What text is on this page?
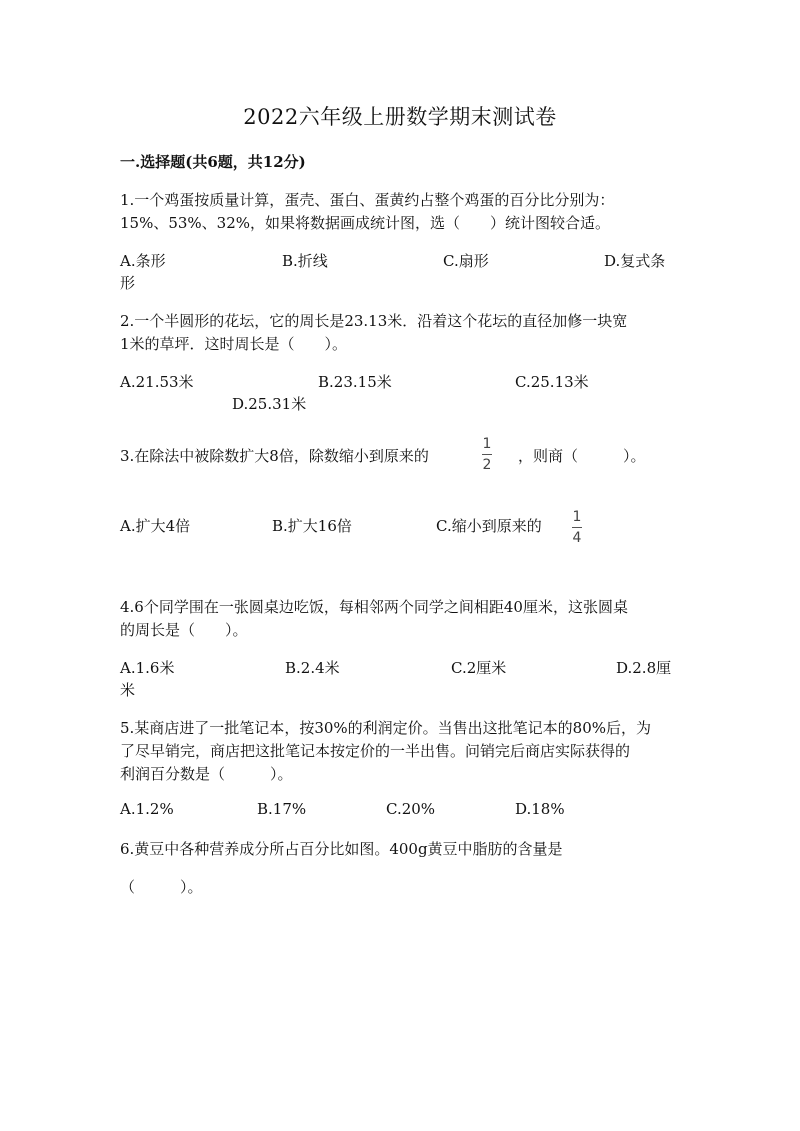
2022六年级上册数学期末测试卷
一.选择题(共6题，共12分)
1.一个鸡蛋按质量计算，蛋壳、蛋白、蛋黄约占整个鸡蛋的百分比分别为：
15%、53%、32%，如果将数据画成统计图，选（　　）统计图较合适。
A.条形	B.折线	C.扇形	D.复式条
形
2.一个半圆形的花坛，它的周长是23.13米．沿着这个花坛的直径加修一块宽
1米的草坪．这时周长是（　　）。
A.21.53米	B.23.15米	C.25.13米
D.25.31米
3.在除法中被除数扩大8倍，除数缩小到原来的
1
2 ，则商（　　　）。
A.扩大4倍	B.扩大16倍	C.缩小到原来的 1
4
4.6个同学围在一张圆桌边吃饭，每相邻两个同学之间相距40厘米，这张圆桌
的周长是（　　）。
A.1.6米	B.2.4米	C.2厘米	D.2.8厘
米
5.某商店进了一批笔记本，按30%的利润定价。当售出这批笔记本的80%后，为
了尽早销完，商店把这批笔记本按定价的一半出售。问销完后商店实际获得的
利润百分数是（　　　）。
A.1.2%	B.17%	C.20%	D.18%
6.黄豆中各种营养成分所占百分比如图。400g黄豆中脂肪的含量是
（　　　）。
